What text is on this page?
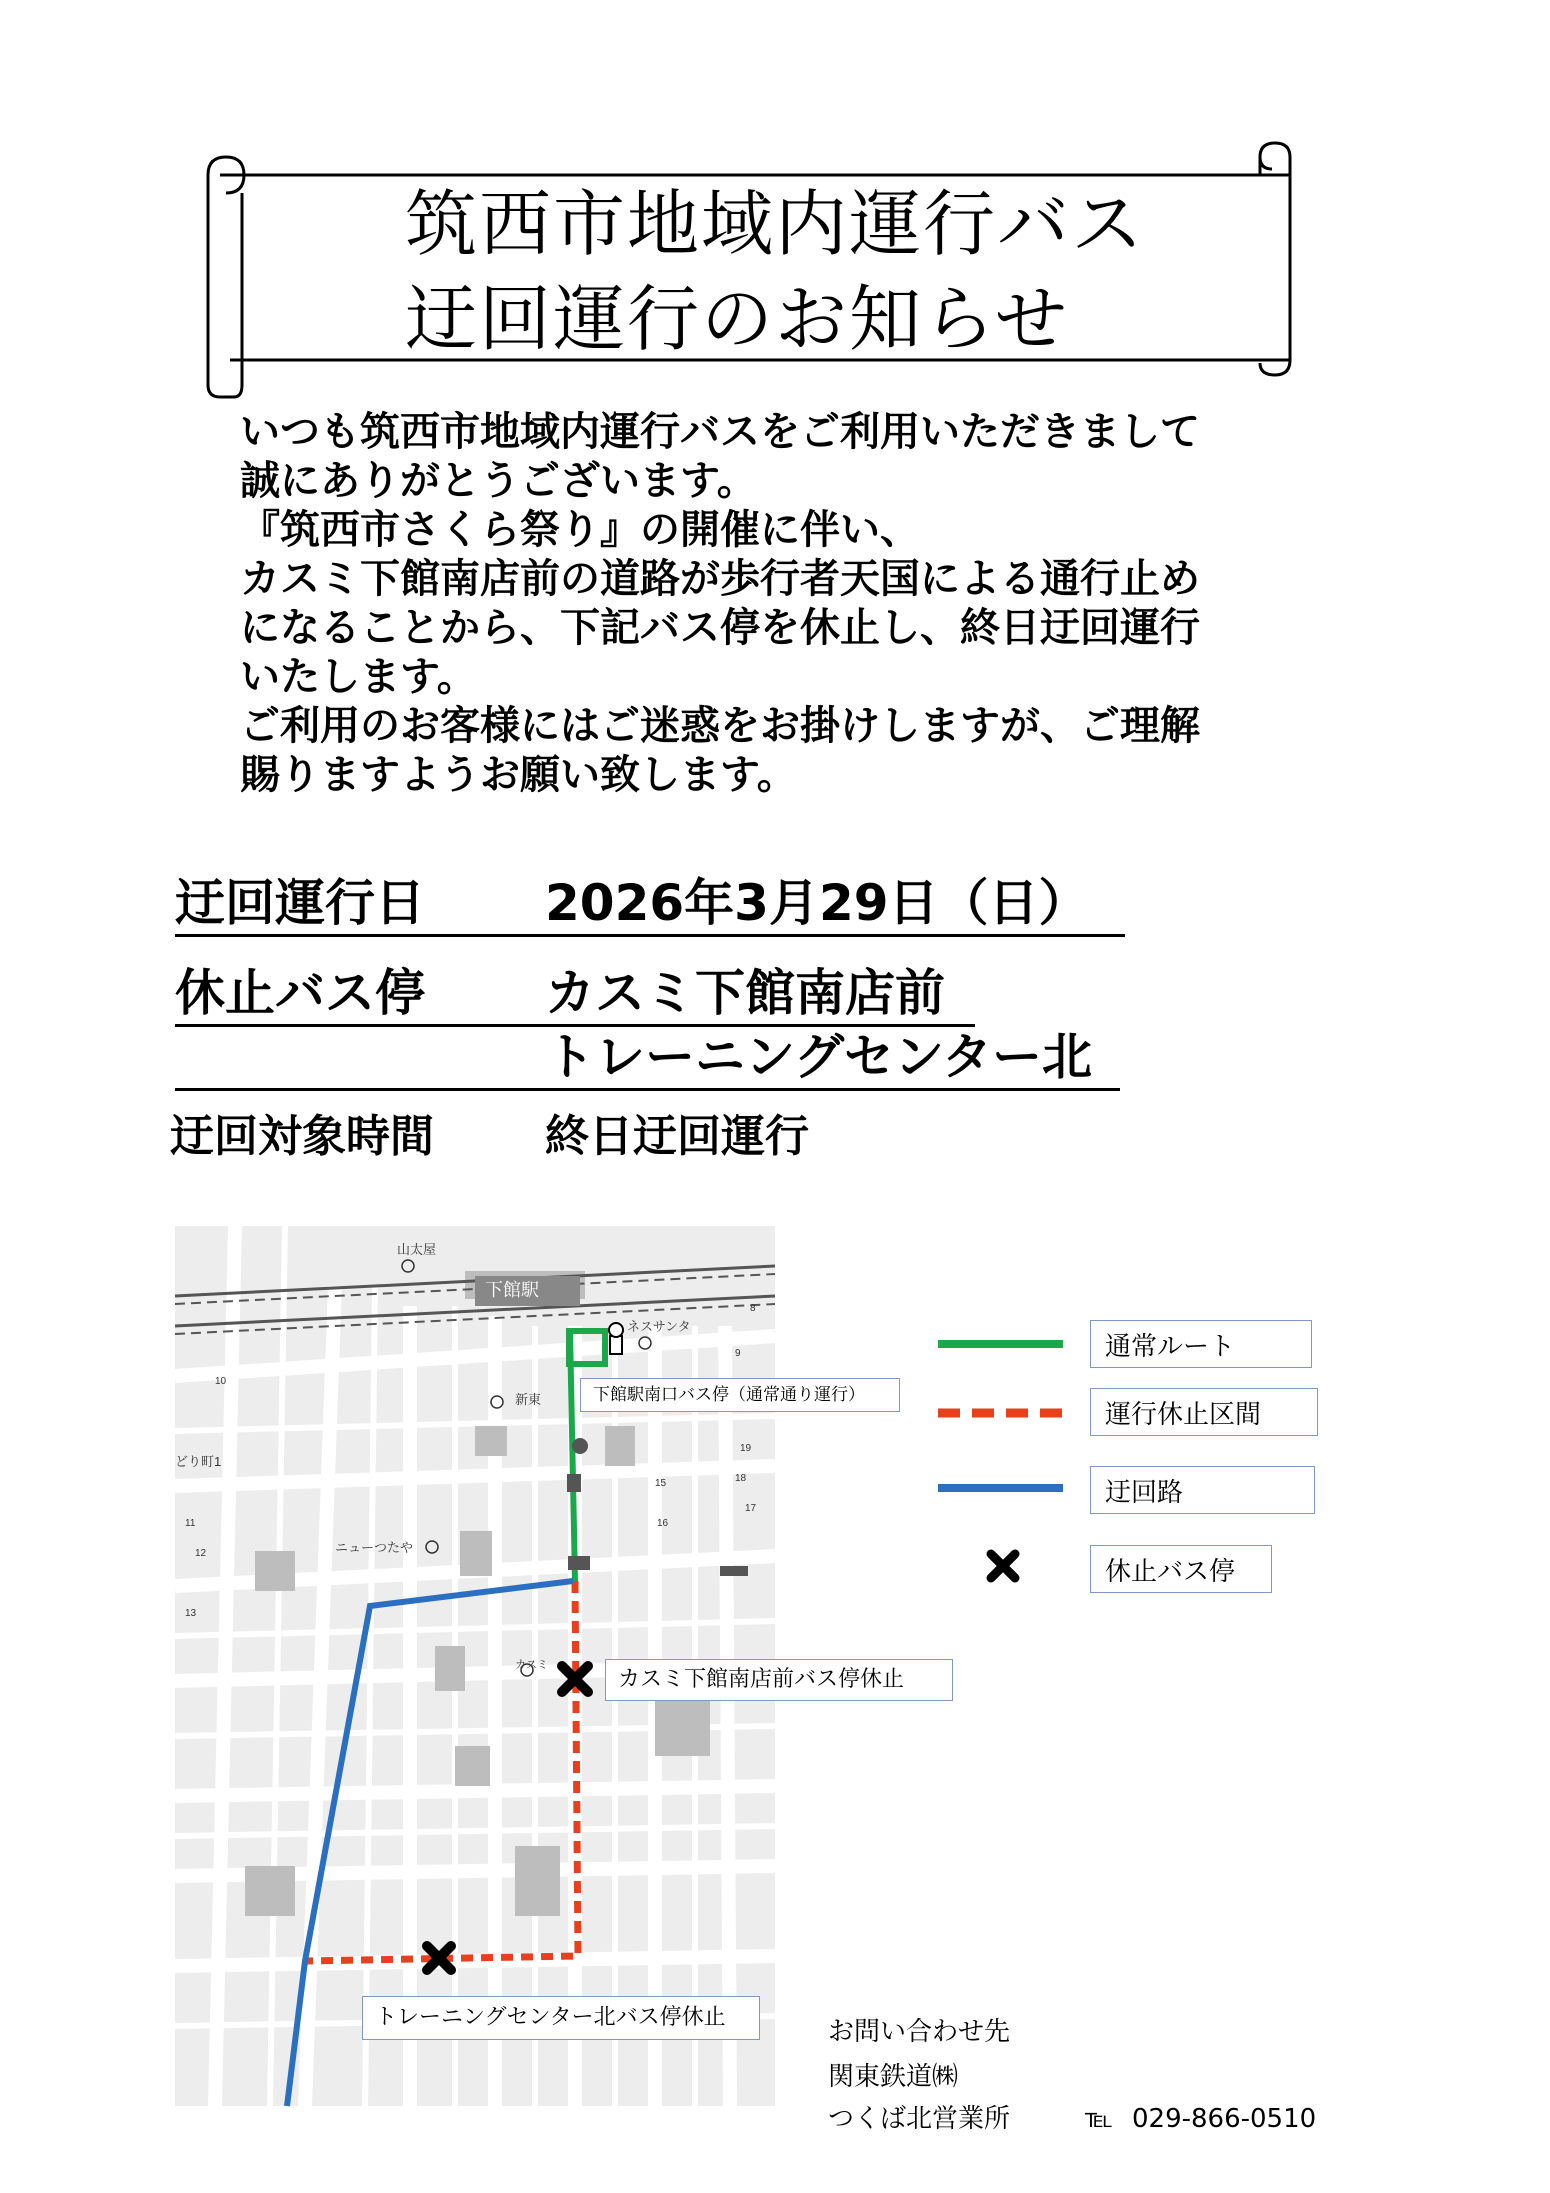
筑西市地域内運行バス
迂回運行のお知らせ
いつも筑西市地域内運行バスをご利用いただきまして
誠にありがとうございます。
『筑西市さくら祭り』の開催に伴い、
カスミ下館南店前の道路が歩行者天国による通行止め
になることから、下記バス停を休止し、終日迂回運行
いたします。
ご利用のお客様にはご迷惑をお掛けしますが、ご理解
賜りますようお願い致します。
迂回運行日 2026年3月29日（日）
休止バス停 カスミ下館南店前
トレーニングセンター北
迂回対象時間	終日迂回運行
下館駅
山太屋
ネスサンタ
新東
どり町1
ニューつたや
カスミ
8
9
10
11
12
13
15
16
17
18
19
下館駅南口バス停（通常通り運行）
カスミ下館南店前バス停休止
トレーニングセンター北バス停休止
通常ルート
運行休止区間
迂回路
休止バス停
お問い合わせ先
関東鉄道㈱
つくば北営業所	℡ 029-866-0510
